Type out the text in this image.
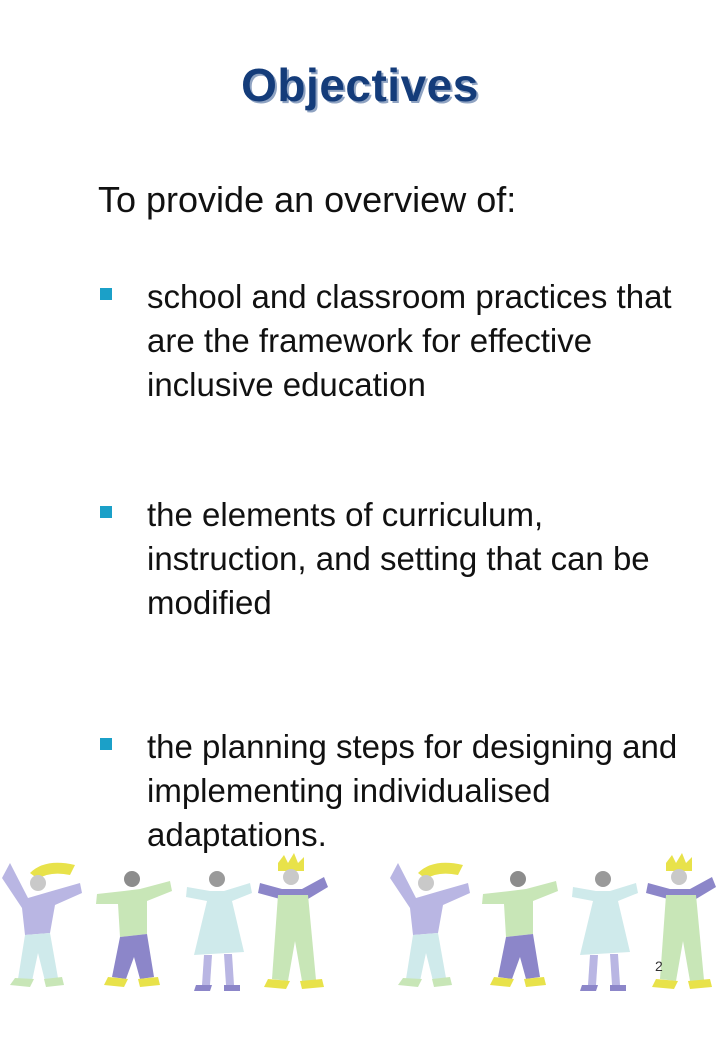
Objectives
To provide an overview of:
school and classroom practices that are the framework for effective inclusive education
the elements of curriculum, instruction, and setting that can be modified
the planning steps for designing and implementing individualised adaptations.
2
